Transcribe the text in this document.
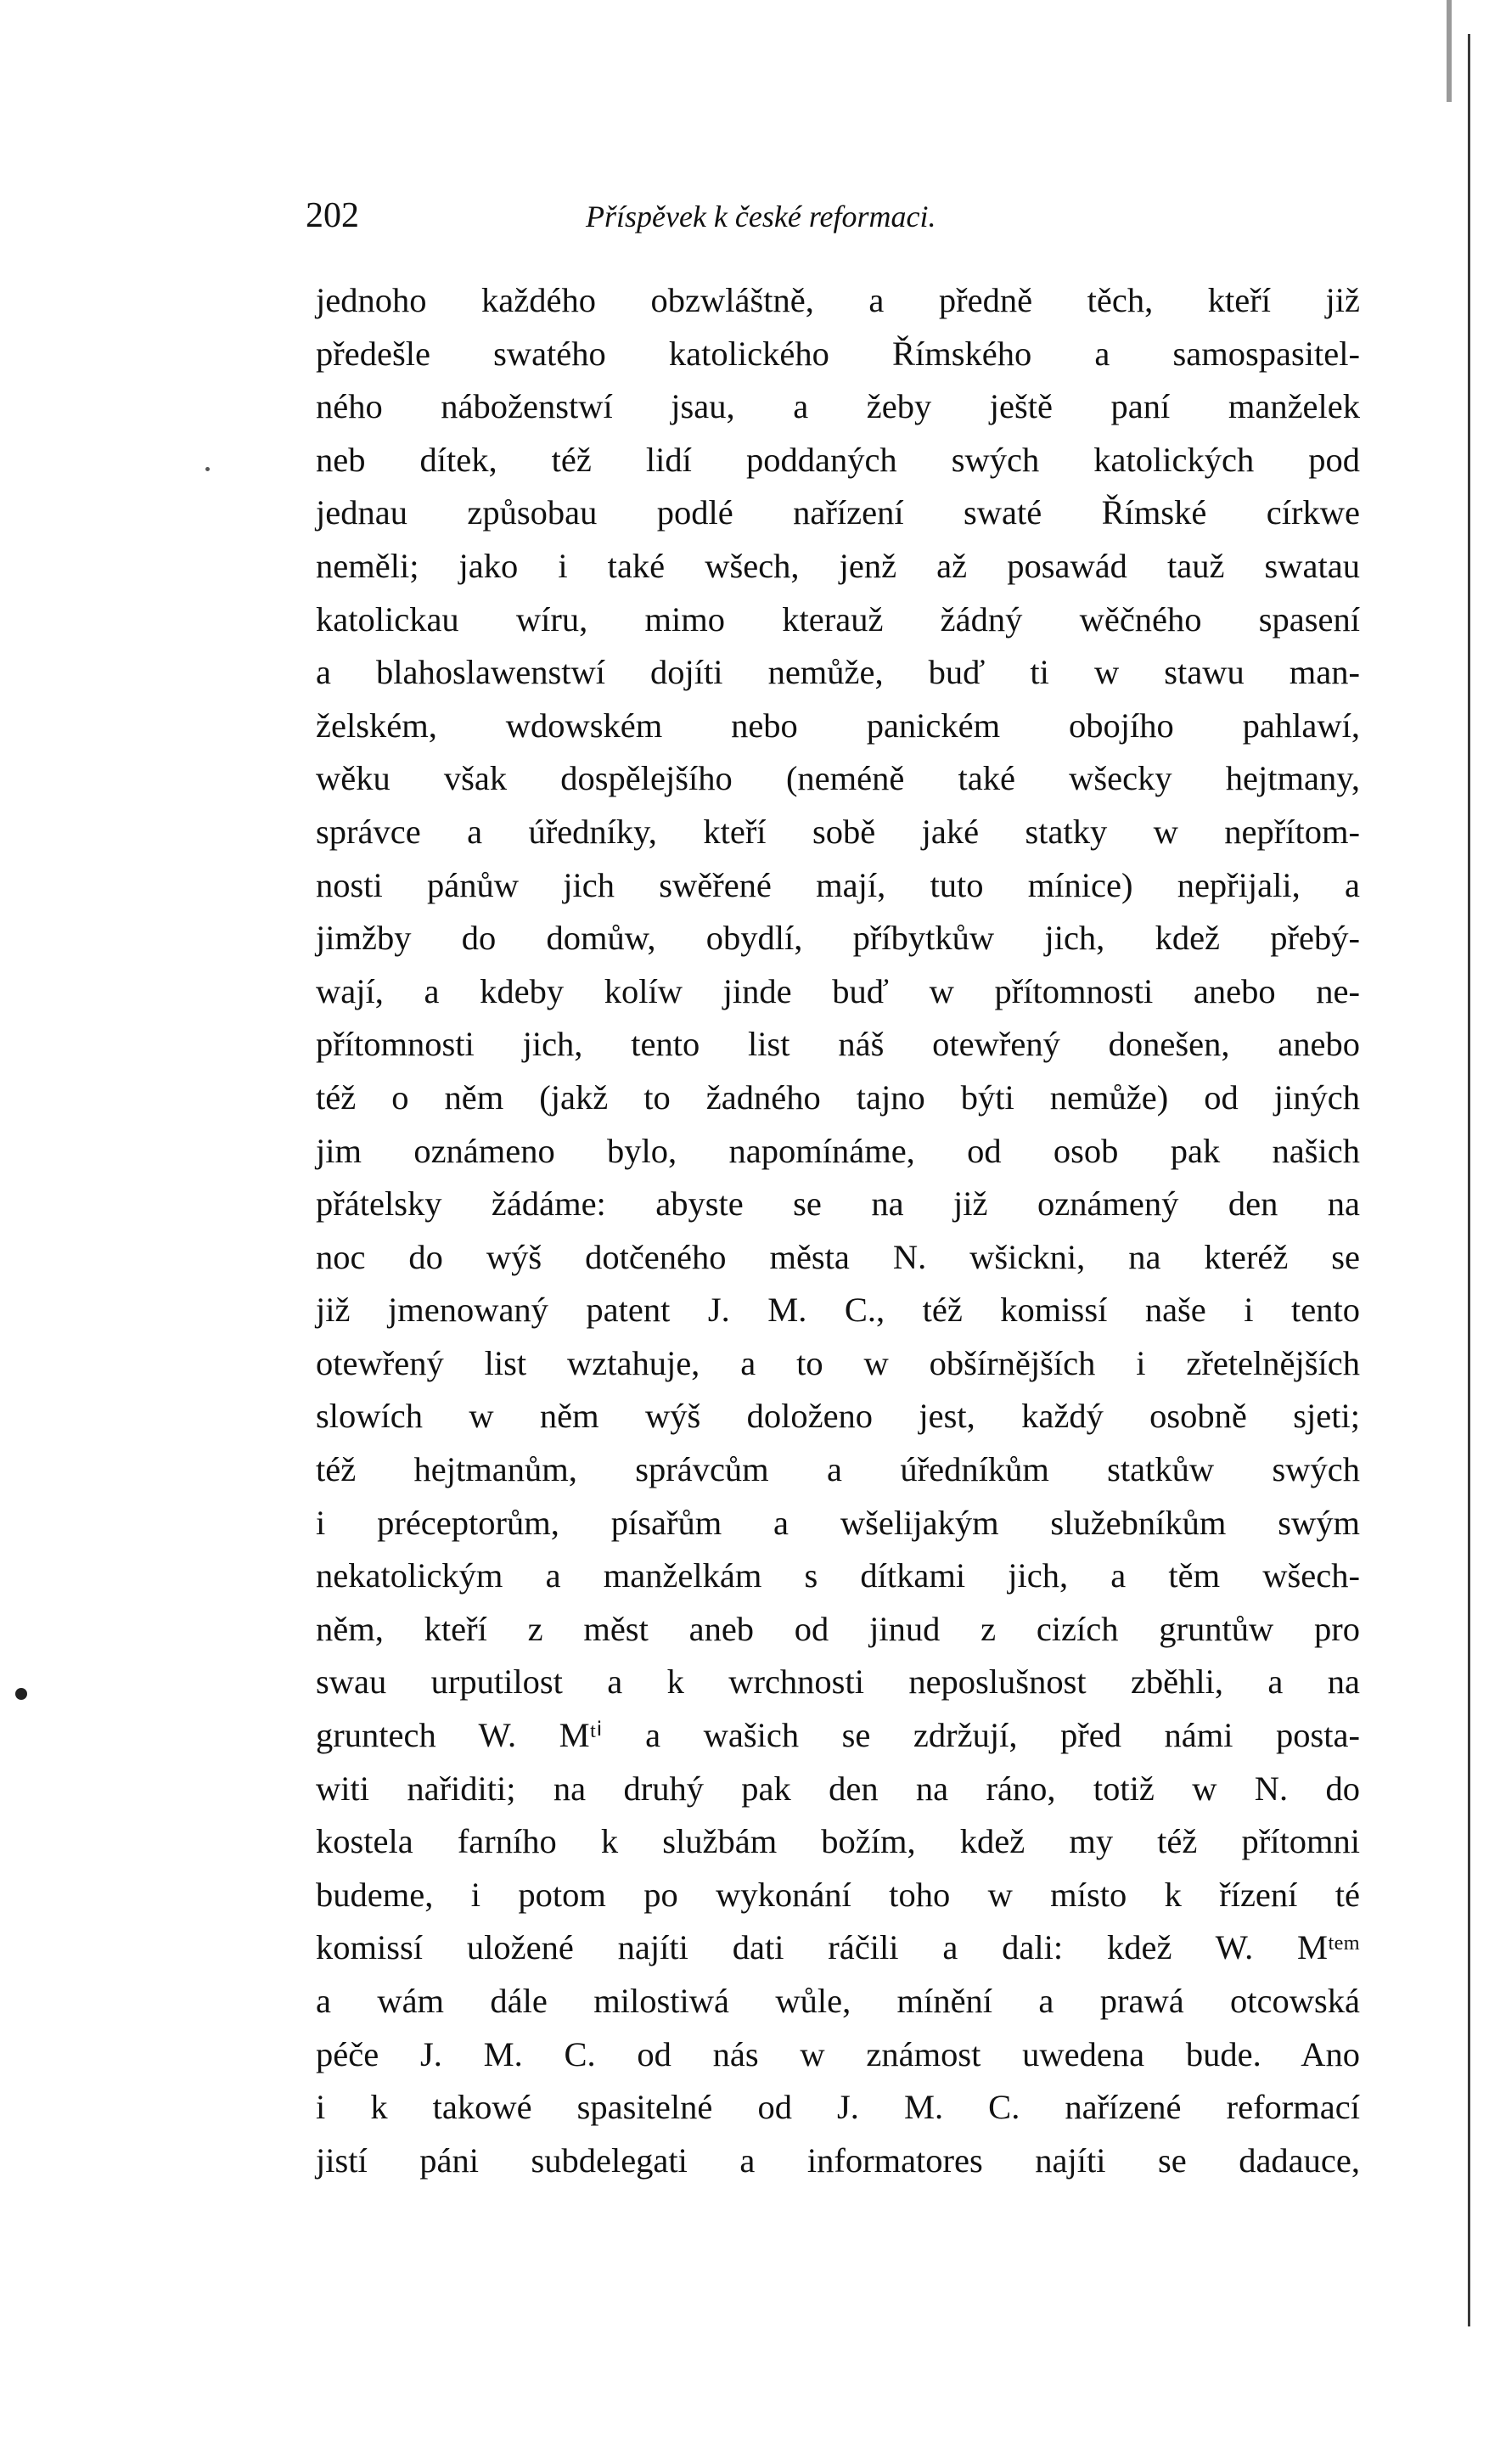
202	Příspěvek k české reformaci.
jednoho každého obzwláštně, a předně těch, kteří již
předešle swatého katolického Římského a samospasitel-
ného náboženstwí jsau, a žeby ještě paní manželek
neb dítek, též lidí poddaných swých katolických pod
jednau způsobau podlé nařízení swaté Římské církwe
neměli; jako i také wšech, jenž až posawád tauž swatau
katolickau wíru, mimo kterauž žádný wěčného spasení
a blahoslawenstwí dojíti nemůže, buď ti w stawu man-
želském, wdowském nebo panickém obojího pahlawí,
wěku však dospělejšího (neméně také wšecky hejtmany,
správce a úředníky, kteří sobě jaké statky w nepřítom-
nosti pánůw jich swěřené mají, tuto mínice) nepřijali, a
jimžby do domůw, obydlí, příbytkůw jich, kdež přebý-
wají, a kdeby kolíw jinde buď w přítomnosti anebo ne-
přítomnosti jich, tento list náš otewřený donešen, anebo
též o něm (jakž to žadného tajno býti nemůže) od jiných
jim oznámeno bylo, napomínáme, od osob pak našich
přátelsky žádáme: abyste se na již oznámený den na
noc do wýš dotčeného města N. wšickni, na kteréž se
již jmenowaný patent J. M. C., též komissí naše i tento
otewřený list wztahuje, a to w obšírnějších i zřetelnějších
slowích w něm wýš doloženo jest, každý osobně sjeti;
též hejtmanům, správcům a úředníkům statkůw swých
i préceptorům, písařům a wšelijakým služebníkům swým
nekatolickým a manželkám s dítkami jich, a těm wšech-
něm, kteří z měst aneb od jinud z cizích gruntůw pro
swau urputilost a k wrchnosti neposlušnost zběhli, a na
gruntech W. Mᵗⁱ a wašich se zdržují, před námi posta-
witi nařiditi; na druhý pak den na ráno, totiž w N. do
kostela farního k službám božím, kdež my též přítomni
budeme, i potom po wykonání toho w místo k řízení té
komissí uložené najíti dati ráčili a dali: kdež W. Mᵗᵉᵐ
a wám dále milostiwá wůle, mínění a prawá otcowská
péče J. M. C. od nás w známost uwedena bude. Ano
i k takowé spasitelné od J. M. C. nařízené reformací
jistí páni subdelegati a informatores najíti se dadauce,
